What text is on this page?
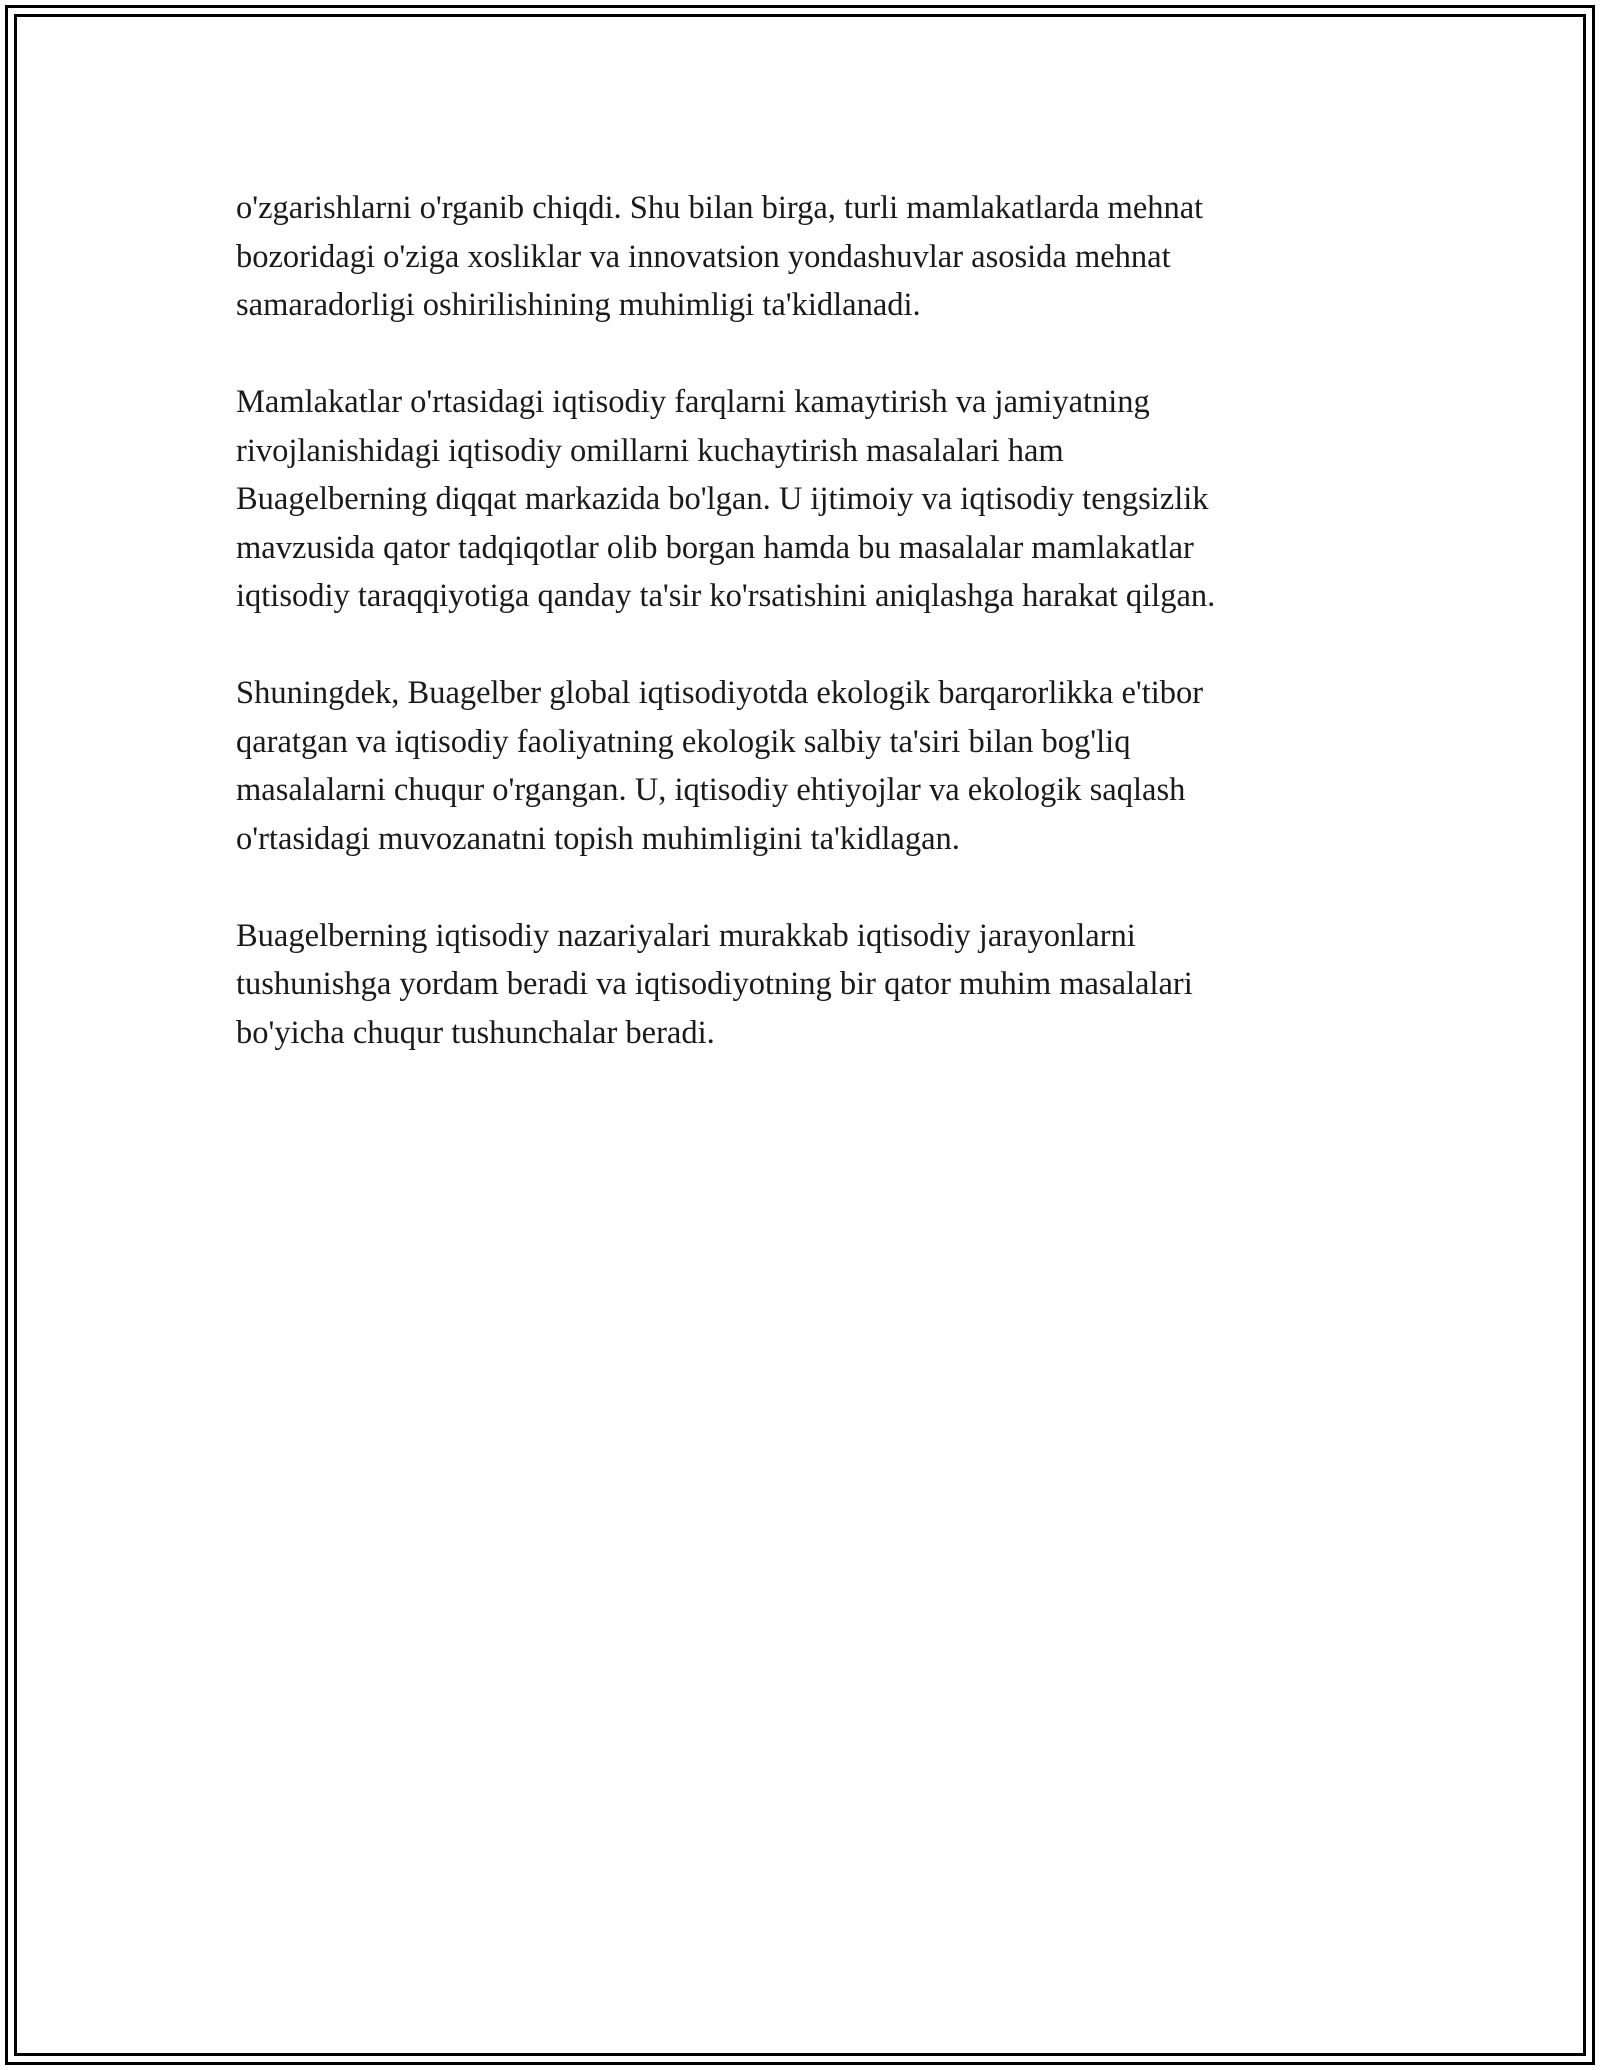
o'zgarishlarni o'rganib chiqdi. Shu bilan birga, turli mamlakatlarda mehnat
bozoridagi o'ziga xosliklar va innovatsion yondashuvlar asosida mehnat
samaradorligi oshirilishining muhimligi ta'kidlanadi.

Mamlakatlar o'rtasidagi iqtisodiy farqlarni kamaytirish va jamiyatning
rivojlanishidagi iqtisodiy omillarni kuchaytirish masalalari ham
Buagelberning diqqat markazida bo'lgan. U ijtimoiy va iqtisodiy tengsizlik
mavzusida qator tadqiqotlar olib borgan hamda bu masalalar mamlakatlar
iqtisodiy taraqqiyotiga qanday ta'sir ko'rsatishini aniqlashga harakat qilgan.

Shuningdek, Buagelber global iqtisodiyotda ekologik barqarorlikka e'tibor
qaratgan va iqtisodiy faoliyatning ekologik salbiy ta'siri bilan bog'liq
masalalarni chuqur o'rgangan. U, iqtisodiy ehtiyojlar va ekologik saqlash
o'rtasidagi muvozanatni topish muhimligini ta'kidlagan.

Buagelberning iqtisodiy nazariyalari murakkab iqtisodiy jarayonlarni
tushunishga yordam beradi va iqtisodiyotning bir qator muhim masalalari
bo'yicha chuqur tushunchalar beradi.
